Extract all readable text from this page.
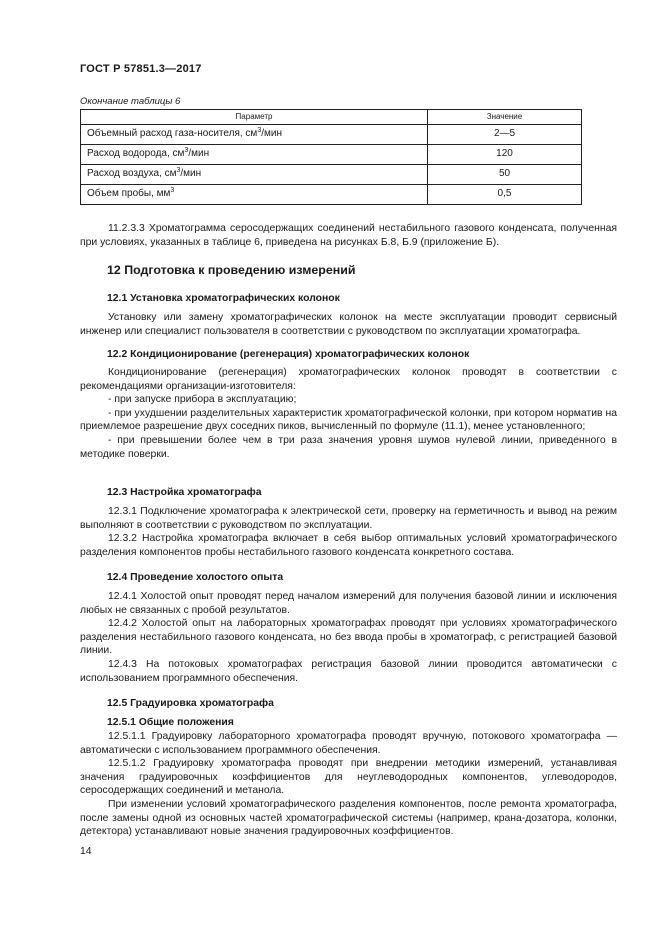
ГОСТ Р 57851.3—2017
Окончание таблицы 6
Параметр	Значение
Объемный расход газа-носителя, $см^3$/мин	2—5
Расход водорода, $см^3$/мин	120
Расход воздуха, $см^3$/мин	50
Объем пробы, $мм^3$	0,5

11.2.3.3 Хроматограмма серосодержащих соединений нестабильного газового конденсата, полученная при условиях, указанных в таблице 6, приведена на рисунках Б.8, Б.9 (приложение Б).

12 Подготовка к проведению измерений
12.1 Установка хроматографических колонок

Установку или замену хроматографических колонок на месте эксплуатации проводит сервисный инженер или специалист пользователя в соответствии с руководством по эксплуатации хроматографа.

12.2 Кондиционирование (регенерация) хроматографических колонок

Кондиционирование (регенерация) хроматографических колонок проводят в соответствии с рекомендациями организации-изготовителя:

- при запуске прибора в эксплуатацию;

- при ухудшении разделительных характеристик хроматографической колонки, при котором норматив на приемлемое разрешение двух соседних пиков, вычисленный по формуле (11.1), менее установленного;

- при превышении более чем в три раза значения уровня шумов нулевой линии, приведенного в методике поверки.

12.3 Настройка хроматографа

12.3.1 Подключение хроматографа к электрической сети, проверку на герметичность и вывод на режим выполняют в соответствии с руководством по эксплуатации.

12.3.2 Настройка хроматографа включает в себя выбор оптимальных условий хроматографического разделения компонентов пробы нестабильного газового конденсата конкретного состава.

12.4 Проведение холостого опыта

12.4.1 Холостой опыт проводят перед началом измерений для получения базовой линии и исключения любых не связанных с пробой результатов.

12.4.2 Холостой опыт на лабораторных хроматографах проводят при условиях хроматографического разделения нестабильного газового конденсата, но без ввода пробы в хроматограф, с регистрацией базовой линии.

12.4.3 На потоковых хроматографах регистрация базовой линии проводится автоматически с использованием программного обеспечения.

12.5 Градуировка хроматографа
12.5.1 Общие положения

12.5.1.1 Градуировку лабораторного хроматографа проводят вручную, потокового хроматографа — автоматически с использованием программного обеспечения.

12.5.1.2 Градуировку хроматографа проводят при внедрении методики измерений, устанавливая значения градуировочных коэффициентов для неуглеводородных компонентов, углеводородов, серосодержащих соединений и метанола.

При изменении условий хроматографического разделения компонентов, после ремонта хроматографа, после замены одной из основных частей хроматографической системы (например, крана-дозатора, колонки, детектора) устанавливают новые значения градуировочных коэффициентов.

14
